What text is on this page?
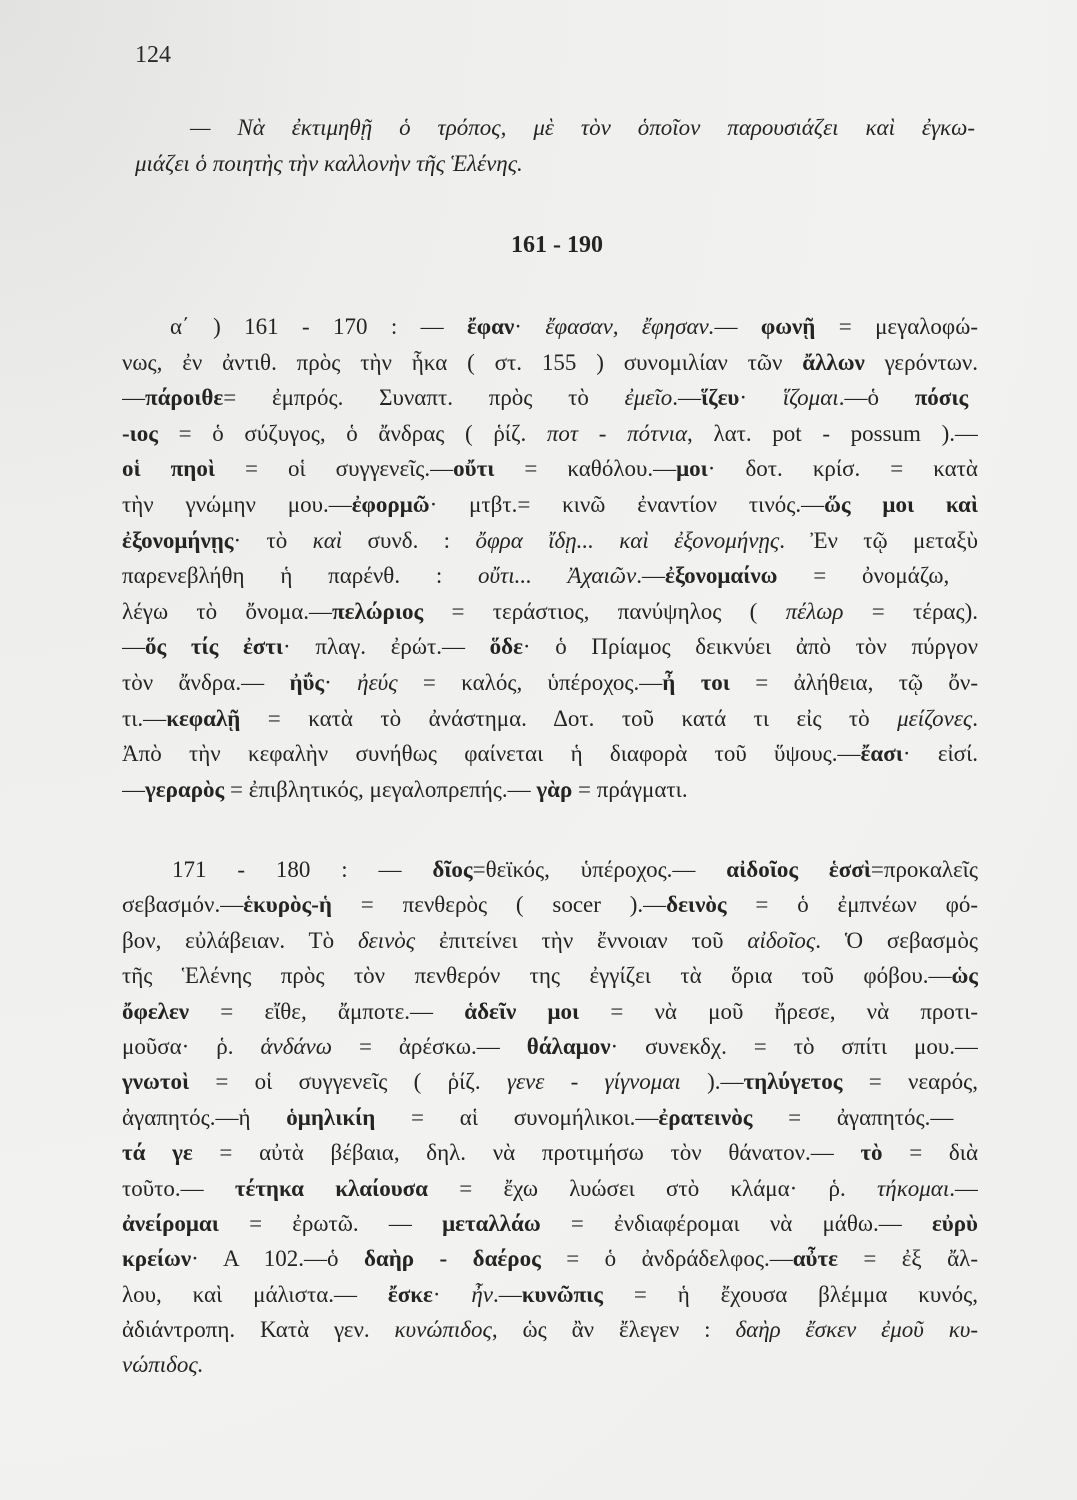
124
— Νὰ ἐκτιμηθῇ ὁ τρόπος, μὲ τὸν ὁποῖον παρουσιάζει καὶ ἐγκω-
μιάζει ὁ ποιητὴς τὴν καλλονὴν τῆς Ἑλένης.
161 - 190
α΄ ) 161 - 170 : — ἔφαν· ἔφασαν, ἔφησαν.— φωνῇ = μεγαλοφώ-
νως, ἐν ἀντιθ. πρὸς τὴν ἧκα ( στ. 155 ) συνομιλίαν τῶν ἄλλων γερόντων.
—πάροιθε= ἐμπρός. Συναπτ. πρὸς τὸ ἐμεῖο.—ἵζευ· ἵζομαι.—ὁ πόσις
-ιος = ὁ σύζυγος, ὁ ἄνδρας ( ῥίζ. ποτ - πότνια, λατ. pot - possum ).—
οἱ πηοὶ = οἱ συγγενεῖς.—οὔτι = καθόλου.—μοι· δοτ. κρίσ. = κατὰ
τὴν γνώμην μου.—ἐφορμῶ· μτβτ.= κινῶ ἐναντίον τινός.—ὥς μοι καὶ
ἐξονομήνῃς· τὸ καὶ συνδ. : ὄφρα ἴδῃ... καὶ ἐξονομήνῃς. Ἐν τῷ μεταξὺ
παρενεβλήθη ἡ παρένθ. : οὔτι... Ἀχαιῶν.—ἐξονομαίνω = ὀνομάζω,
λέγω τὸ ὄνομα.—πελώριος = τεράστιος, πανύψηλος ( πέλωρ = τέρας).
—ὅς τίς ἐστι· πλαγ. ἐρώτ.— ὅδε· ὁ Πρίαμος δεικνύει ἀπὸ τὸν πύργον
τὸν ἄνδρα.— ἠΰς· ἠεύς = καλός, ὑπέροχος.—ἦ τοι = ἀλήθεια, τῷ ὄν-
τι.—κεφαλῇ = κατὰ τὸ ἀνάστημα. Δοτ. τοῦ κατά τι εἰς τὸ μείζονες.
Ἀπὸ τὴν κεφαλὴν συνήθως φαίνεται ἡ διαφορὰ τοῦ ὕψους.—ἔασι· εἰσί.
—γεραρὸς = ἐπιβλητικός, μεγαλοπρεπής.— γὰρ = πράγματι.
171 - 180 : — δῖος=θεϊκός, ὑπέροχος.— αἰδοῖος ἑσσὶ=προκαλεῖς
σεβασμόν.—ἑκυρὸς-ἡ = πενθερὸς ( socer ).—δεινὸς = ὁ ἐμπνέων φό-
βον, εὐλάβειαν. Τὸ δεινὸς ἐπιτείνει τὴν ἔννοιαν τοῦ αἰδοῖος. Ὁ σεβασμὸς
τῆς Ἑλένης πρὸς τὸν πενθερόν της ἐγγίζει τὰ ὅρια τοῦ φόβου.—ὡς
ὄφελεν = εἴθε, ἄμποτε.— ἁδεῖν μοι = νὰ μοῦ ἤρεσε, νὰ προτι-
μοῦσα· ῥ. ἁνδάνω = ἀρέσκω.— θάλαμον· συνεκδχ. = τὸ σπίτι μου.—
γνωτοὶ = οἱ συγγενεῖς ( ῥίζ. γενε - γίγνομαι ).—τηλύγετος = νεαρός,
ἀγαπητός.—ἡ ὁμηλικίη = αἱ συνομήλικοι.—ἐρατεινὸς = ἀγαπητός.—
τά γε = αὐτὰ βέβαια, δηλ. νὰ προτιμήσω τὸν θάνατον.— τὸ = διὰ
τοῦτο.— τέτηκα κλαίουσα = ἔχω λυώσει στὸ κλάμα· ῥ. τήκομαι.—
ἀνείρομαι = ἐρωτῶ. — μεταλλάω = ἐνδιαφέρομαι νὰ μάθω.— εὐρὺ
κρείων· Α 102.—ὁ δαὴρ - δαέρος = ὁ ἀνδράδελφος.—αὖτε = ἐξ ἄλ-
λου, καὶ μάλιστα.— ἔσκε· ἦν.—κυνῶπις = ἡ ἔχουσα βλέμμα κυνός,
ἀδιάντροπη. Κατὰ γεν. κυνώπιδος, ὡς ἂν ἔλεγεν : δαὴρ ἔσκεν ἐμοῦ κυ-
νώπιδος.
